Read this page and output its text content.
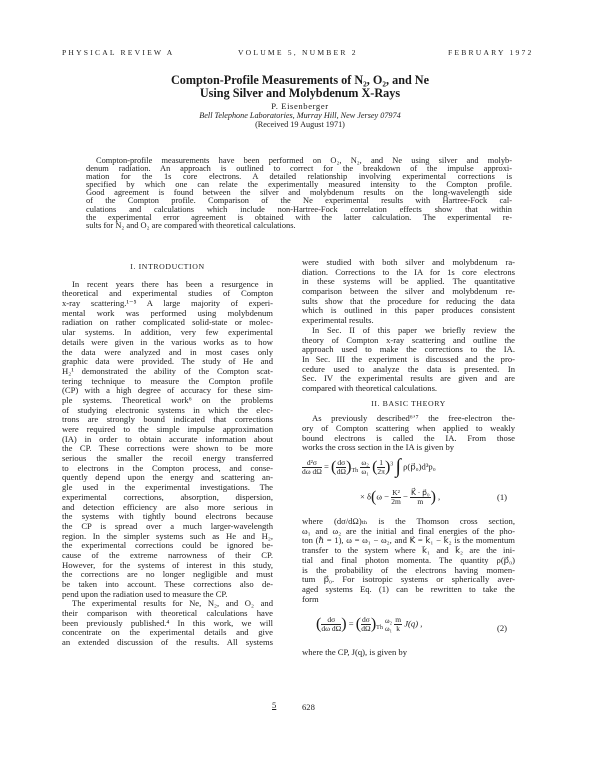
PHYSICAL REVIEW A	VOLUME 5, NUMBER 2	FEBRUARY 1972
Compton-Profile Measurements of N₂, O₂, and Ne
Using Silver and Molybdenum X-Rays
P. Eisenberger
Bell Telephone Laboratories, Murray Hill, New Jersey 07974
(Received 19 August 1971)
Compton-profile measurements have been performed on O₂, N₂, and Ne using silver and molyb-
denum radiation. An approach is outlined to correct for the breakdown of the impulse approxi-
mation for the 1s core electrons. A detailed relationship involving experimental corrections is
specified by which one can relate the experimentally measured intensity to the Compton profile.
Good agreement is found between the silver and molybdenum results on the long-wavelength side
of the Compton profile. Comparison of the Ne experimental results with Hartree-Fock cal-
culations and calculations which include non-Hartree-Fock correlation effects show that within
the experimental error agreement is obtained with the latter calculation. The experimental re-
sults for N₂ and O₂ are compared with theoretical calculations.
I. INTRODUCTION
In recent years there has been a resurgence in
theoretical and experimental studies of Compton
x-ray scattering.¹⁻⁵ A large majority of experi-
mental work was performed using molybdenum
radiation on rather complicated solid-state or molec-
ular systems. In addition, very few experimental
details were given in the various works as to how
the data were analyzed and in most cases only
graphic data were provided. The study of He and
H₂¹ demonstrated the ability of the Compton scat-
tering technique to measure the Compton profile
(CP) with a high degree of accuracy for these sim-
ple systems. Theoretical work⁶ on the problems
of studying electronic systems in which the elec-
trons are strongly bound indicated that corrections
were required to the simple impulse approximation
(IA) in order to obtain accurate information about
the CP. These corrections were shown to be more
serious the smaller the recoil energy transferred
to electrons in the Compton process, and conse-
quently depend upon the energy and scattering an-
gle used in the experimental investigations. The
experimental corrections, absorption, dispersion,
and detection efficiency are also more serious in
the systems with tightly bound electrons because
the CP is spread over a much larger-wavelength
region. In the simpler systems such as He and H₂,
the experimental corrections could be ignored be-
cause of the extreme narrowness of their CP.
However, for the systems of interest in this study,
the corrections are no longer negligible and must
be taken into account. These corrections also de-
pend upon the radiation used to measure the CP.
The experimental results for Ne, N₂, and O₂ and
their comparison with theoretical calculations have
been previously published.⁴ In this work, we will
concentrate on the experimental details and give
an extended discussion of the results. All systems
were studied with both silver and molybdenum ra-
diation. Corrections to the IA for 1s core electrons
in these systems will be applied. The quantitative
comparison between the silver and molybdenum re-
sults show that the procedure for reducing the data
which is outlined in this paper produces consistent
experimental results.
In Sec. II of this paper we briefly review the
theory of Compton x-ray scattering and outline the
approach used to make the corrections to the IA.
In Sec. III the experiment is discussed and the pro-
cedure used to analyze the data is presented. In
Sec. IV the experimental results are given and are
compared with theoretical calculations.
II. BASIC THEORY
As previously described⁶ʼ⁷ the free-electron the-
ory of Compton scattering when applied to weakly
bound electrons is called the IA. From those
works the cross section in the IA is given by
$\frac{\text{d²σ}}{\text{dω dΩ}}$ = ( $\frac{d\sigma}{d\Omega} )_{Th} \frac{\text{ω₂}}{\text{ω₁}}$ ( $\frac{1}{2\pi} )^3$ ∫ ρ(p⃗₀)d³p₀
× $\delta(\omega - \frac{\text{K²}}{2m} - \frac{\text{K⃗ · p⃗₀}}{m}$ ) ,	(1)
where (dσ/dΩ)ₜₕ is the Thomson cross section,
ω₁ and ω₂ are the initial and final energies of the pho-
ton (ℏ = 1), ω = ω₁ − ω₂, and K⃗ = k⃗₁ − k⃗₂ is the momentum
transfer to the system where k⃗₁ and k⃗₂ are the ini-
tial and final photon momenta. The quantity ρ(p⃗₀)
is the probability of the electrons having momen-
tum p⃗₀. For isotropic systems or spherically aver-
aged systems Eq. (1) can be rewritten to take the
form
( $\frac{d\sigma}{\text{dω dΩ}}$ ) = ( $\frac{d\sigma}{d\Omega} )_{Th}$
ω₂
ω₁
$\frac{m}{k} J(q)$ ,	(2)
where the CP, J(q), is given by
5	628
